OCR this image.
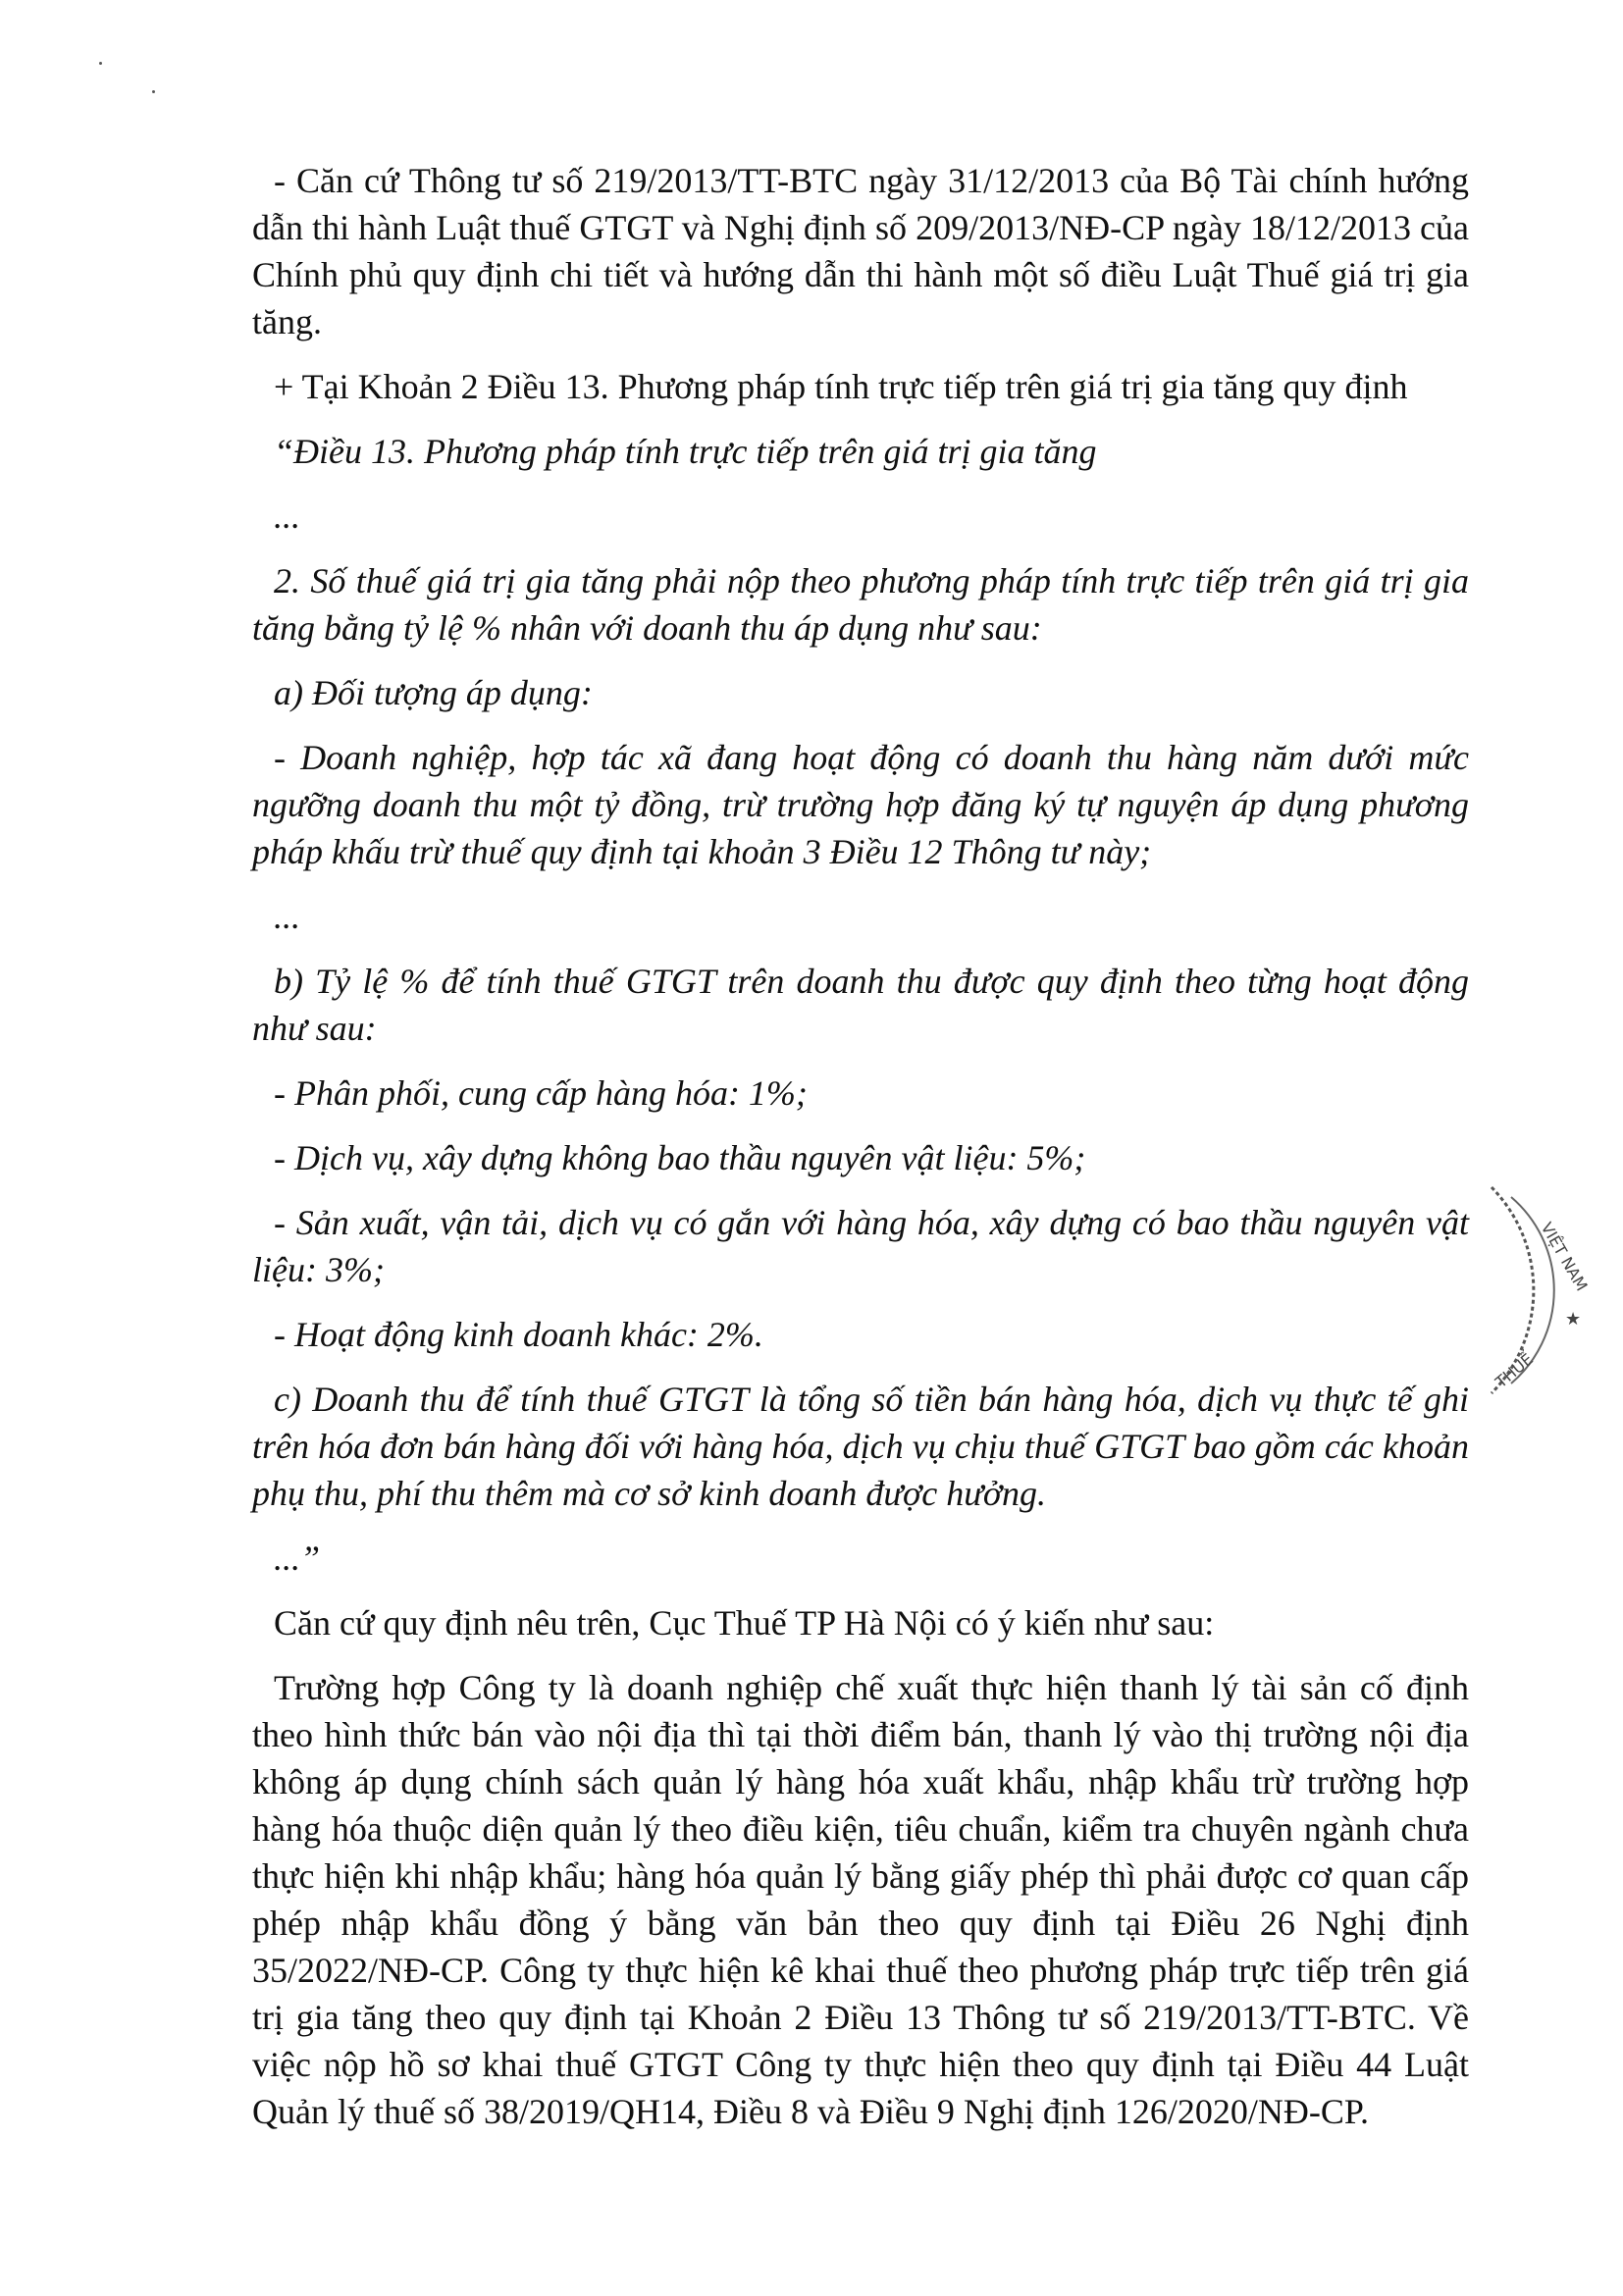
- Căn cứ Thông tư số 219/2013/TT-BTC ngày 31/12/2013 của Bộ Tài chính hướng dẫn thi hành Luật thuế GTGT và Nghị định số 209/2013/NĐ-CP ngày 18/12/2013 của Chính phủ quy định chi tiết và hướng dẫn thi hành một số điều Luật Thuế giá trị gia tăng.

+ Tại Khoản 2 Điều 13. Phương pháp tính trực tiếp trên giá trị gia tăng quy định

“Điều 13. Phương pháp tính trực tiếp trên giá trị gia tăng

...

2. Số thuế giá trị gia tăng phải nộp theo phương pháp tính trực tiếp trên giá trị gia tăng bằng tỷ lệ % nhân với doanh thu áp dụng như sau:

a) Đối tượng áp dụng:

- Doanh nghiệp, hợp tác xã đang hoạt động có doanh thu hàng năm dưới mức ngưỡng doanh thu một tỷ đồng, trừ trường hợp đăng ký tự nguyện áp dụng phương pháp khấu trừ thuế quy định tại khoản 3 Điều 12 Thông tư này;

...

b) Tỷ lệ % để tính thuế GTGT trên doanh thu được quy định theo từng hoạt động như sau:

- Phân phối, cung cấp hàng hóa: 1%;

- Dịch vụ, xây dựng không bao thầu nguyên vật liệu: 5%;

- Sản xuất, vận tải, dịch vụ có gắn với hàng hóa, xây dựng có bao thầu nguyên vật liệu: 3%;

- Hoạt động kinh doanh khác: 2%.

c) Doanh thu để tính thuế GTGT là tổng số tiền bán hàng hóa, dịch vụ thực tế ghi trên hóa đơn bán hàng đối với hàng hóa, dịch vụ chịu thuế GTGT bao gồm các khoản phụ thu, phí thu thêm mà cơ sở kinh doanh được hưởng.

...”

Căn cứ quy định nêu trên, Cục Thuế TP Hà Nội có ý kiến như sau:

Trường hợp Công ty là doanh nghiệp chế xuất thực hiện thanh lý tài sản cố định theo hình thức bán vào nội địa thì tại thời điểm bán, thanh lý vào thị trường nội địa không áp dụng chính sách quản lý hàng hóa xuất khẩu, nhập khẩu trừ trường hợp hàng hóa thuộc diện quản lý theo điều kiện, tiêu chuẩn, kiểm tra chuyên ngành chưa thực hiện khi nhập khẩu; hàng hóa quản lý bằng giấy phép thì phải được cơ quan cấp phép nhập khẩu đồng ý bằng văn bản theo quy định tại Điều 26 Nghị định 35/2022/NĐ-CP. Công ty thực hiện kê khai thuế theo phương pháp trực tiếp trên giá trị gia tăng theo quy định tại Khoản 2 Điều 13 Thông tư số 219/2013/TT-BTC. Về việc nộp hồ sơ khai thuế GTGT Công ty thực hiện theo quy định tại Điều 44 Luật Quản lý thuế số 38/2019/QH14, Điều 8 và Điều 9 Nghị định 126/2020/NĐ-CP.

VIỆT NAM
THUẾ
★
